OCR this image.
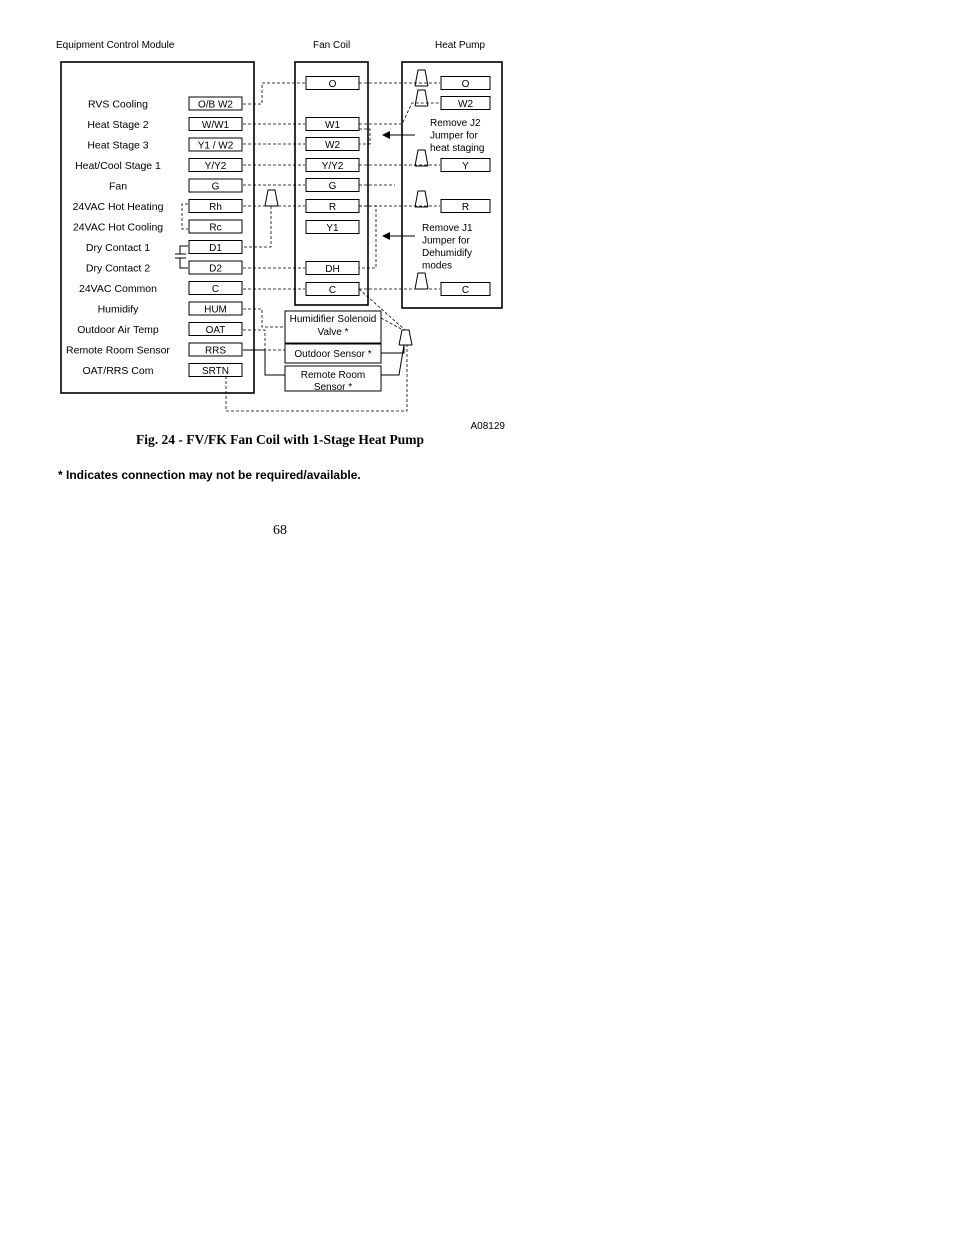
Equipment Control Module	Fan Coil	Heat Pump
RVS Cooling	O/B W2
Heat Stage 2	W/W1
Heat Stage 3	Y1 / W2
Heat/Cool Stage 1	Y/Y2
Fan	G
24VAC Hot Heating	Rh
24VAC Hot Cooling	Rc
Dry Contact 1	D1
Dry Contact 2	D2
24VAC Common	C
Humidify	HUM
Outdoor Air Temp	OAT
Remote Room Sensor	RRS
OAT/RRS Com	SRTN
O
W1
W2
Y/Y2
G
R
Y1
DH
C
O
W2
Y
R
C
Remove J2
Jumper for
heat staging
Remove J1
Jumper for
Dehumidify
modes
Humidifier Solenoid
Valve *
Outdoor Sensor *
Remote Room
Sensor *
A08129

Fig. 24 - FV/FK Fan Coil with 1-Stage Heat Pump

* Indicates connection may not be required/available.

68
